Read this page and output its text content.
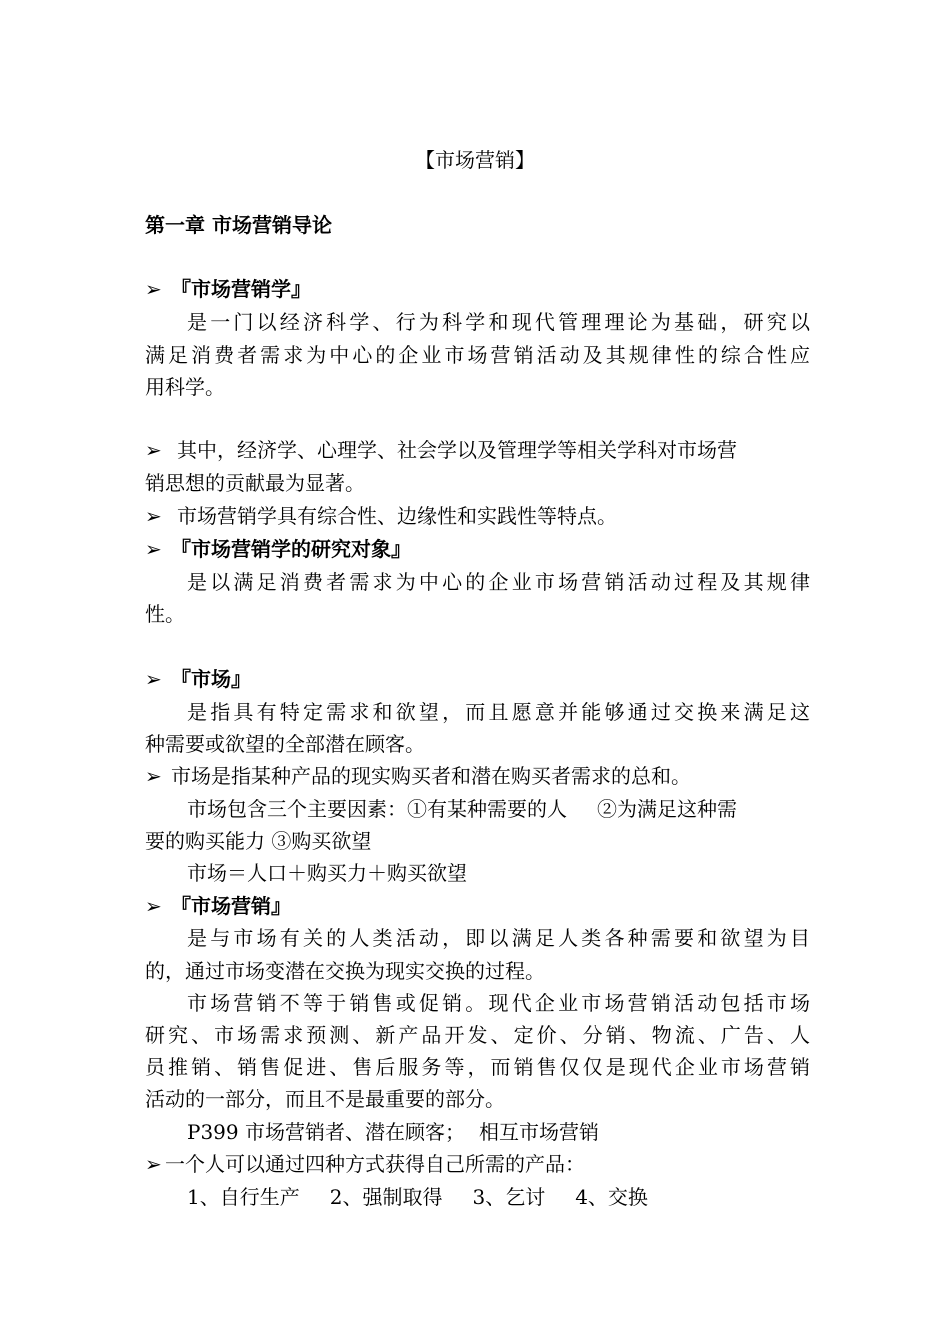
【市场营销】
第一章 市场营销导论
➢ 『市场营销学』
是一门以经济科学、行为科学和现代管理理论为基础，研究以
满足消费者需求为中心的企业市场营销活动及其规律性的综合性应
用科学。
➢ 其中，经济学、心理学、社会学以及管理学等相关学科对市场营
销思想的贡献最为显著。
➢ 市场营销学具有综合性、边缘性和实践性等特点。
➢ 『市场营销学的研究对象』
是以满足消费者需求为中心的企业市场营销活动过程及其规律
性。
➢ 『市场』
是指具有特定需求和欲望，而且愿意并能够通过交换来满足这
种需要或欲望的全部潜在顾客。
➢ 市场是指某种产品的现实购买者和潜在购买者需求的总和。
市场包含三个主要因素：①有某种需要的人 ②为满足这种需
要的购买能力 ③购买欲望
市场＝人口＋购买力＋购买欲望
➢ 『市场营销』
是与市场有关的人类活动，即以满足人类各种需要和欲望为目
的，通过市场变潜在交换为现实交换的过程。
市场营销不等于销售或促销。现代企业市场营销活动包括市场
研究、市场需求预测、新产品开发、定价、分销、物流、广告、人
员推销、销售促进、售后服务等，而销售仅仅是现代企业市场营销
活动的一部分，而且不是最重要的部分。
P399 市场营销者、潜在顾客； 相互市场营销
➢ 一个人可以通过四种方式获得自己所需的产品：
1、自行生产 2、强制取得 3、乞讨 4、交换
